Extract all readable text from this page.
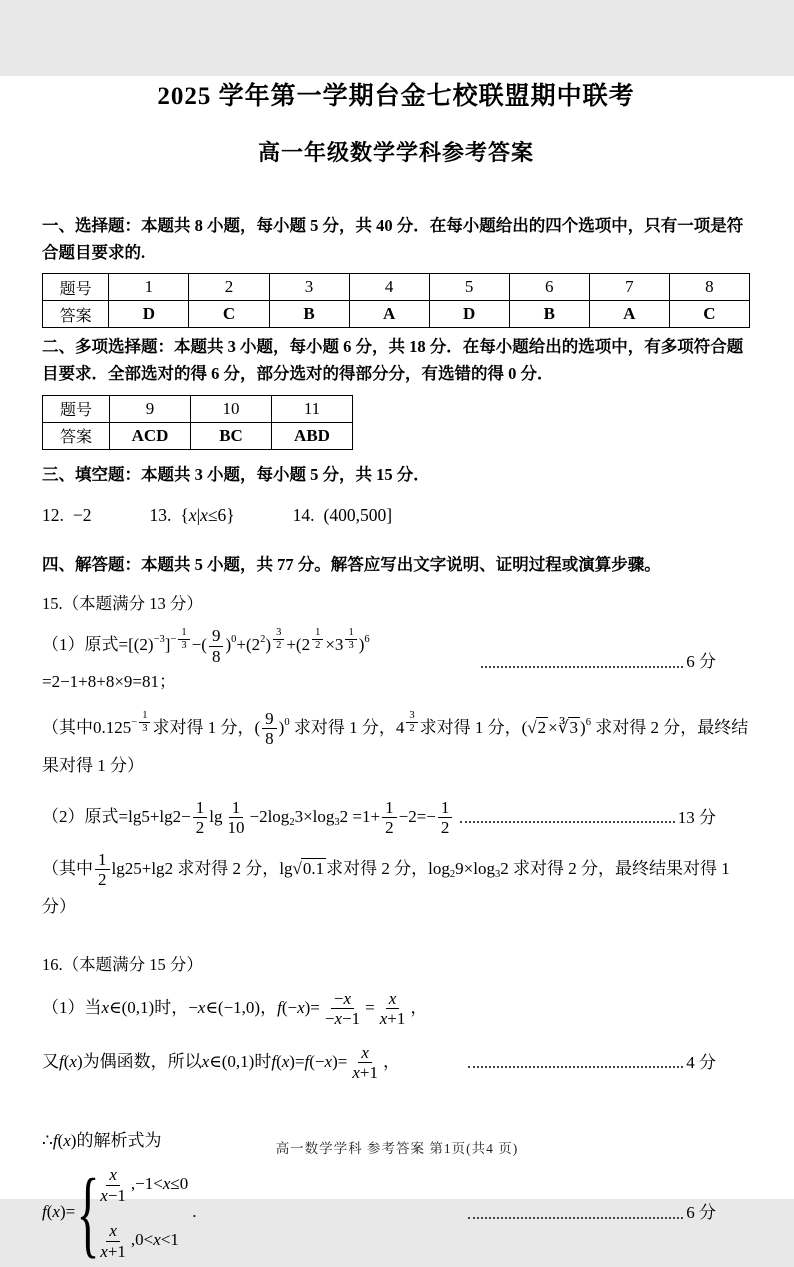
2025 学年第一学期台金七校联盟期中联考
高一年级数学学科参考答案

一、选择题：本题共 8 小题，每小题 5 分，共 40 分．在每小题给出的四个选项中，只有一项是符合题目要求的.

题号	1	2	3	4	5	6	7	8
答案	D	C	B	A	D	B	A	C

二、多项选择题：本题共 3 小题，每小题 6 分，共 18 分．在每小题给出的选项中，有多项符合题目要求．全部选对的得 6 分，部分选对的得部分分，有选错的得 0 分．

题号	9	10	11
答案	ACD	BC	ABD

三、填空题：本题共 3 小题，每小题 5 分，共 15 分．

12. −2	13. {x|x≤6}	14. (400,500]

四、解答题：本题共 5 小题，共 77 分。解答应写出文字说明、证明过程或演算步骤。

15.（本题满分 13 分）

（1）原式$=[(2)-3]- \frac{1}{3}$ −( $\frac{9}{8} )0+(22) \frac{3}{2} +(2 \frac{1}{2} \times 3 \frac{1}{3} )6 =2-1+8+8\times 9=81$；
6 分
（其中$0.125- \frac{1}{3}$ 求对得 1 分，( $\frac{9}{8} )0$ 求对得 1 分，$4 \frac{3}{2}$ 求对得 1 分，(√2 ×∛3 )6 求对得 2 分，最终结果对得 1 分）
（2）原式$=\lg 5+\lg 2- \frac{1}{2}$ $\lg \frac{1}{10} -2\log 23\times\log 32 =1+ \frac{1}{2} -2=- \frac{1}{2}$	13 分
（其中 $\frac{1}{2} \lg 25+\lg 2$ 求对得 2 分，lg√0.1 求对得 2 分，log29×log32 求对得 2 分，最终结果对得 1 分）

16.（本题满分 15 分）

（1）当x∈(0,1)时，−x∈(−1,0)，$f(-x)= \frac{-x}{-x-1} = \frac{x}{x+1}$ ，
又f(x)为偶函数，所以x∈(0,1)时$f(x)=f(-x)= \frac{x}{x+1}$ ，	4 分
∴f(x)的解析式为
f(x)= {
$\frac{x}{x-1} ,-1<x\le 0$
$\frac{x}{x+1} ,0<x<1$
.	6 分
高一数学学科 参考答案 第1页(共4 页)
